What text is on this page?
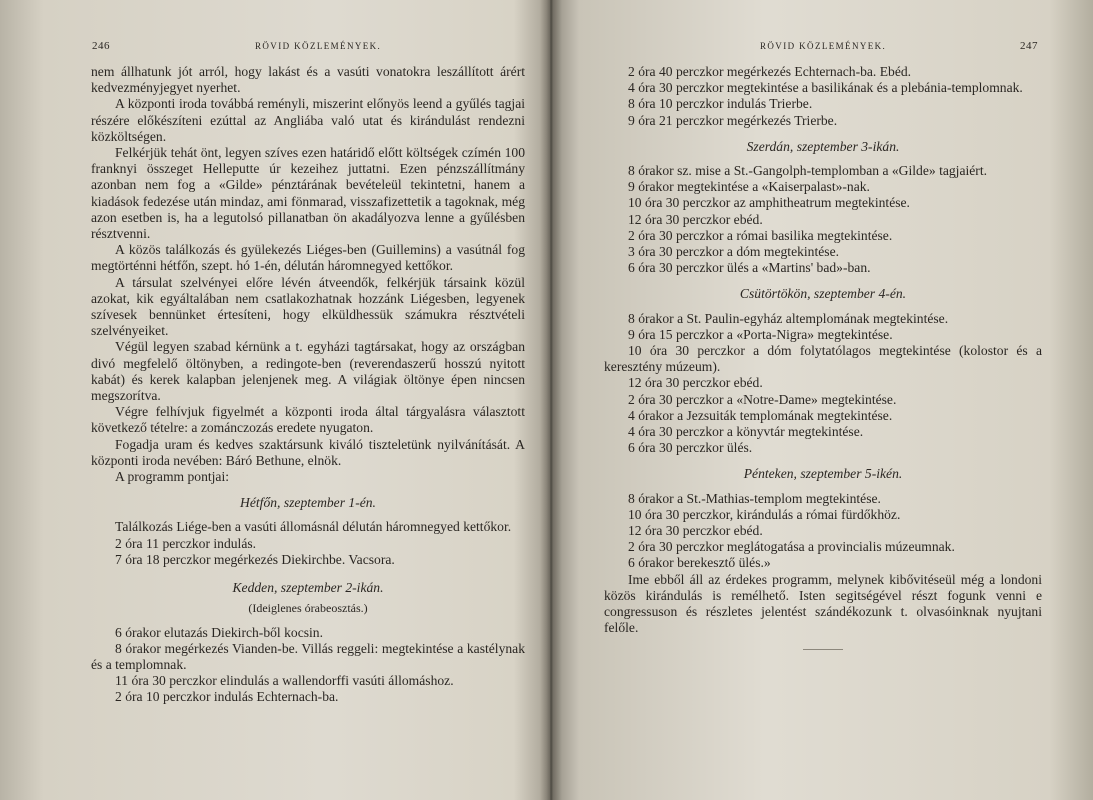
246	RÖVID KÖZLEMÉNYEK.

nem állhatunk jót arról, hogy lakást és a vasúti vonatokra leszállított árért kedvezményjegyet nyerhet.

A központi iroda továbbá reményli, miszerint előnyös leend a gyűlés tagjai részére előkészíteni ezúttal az Angliába való utat és kirándulást rendezni közköltségen.

Felkérjük tehát önt, legyen szíves ezen határidő előtt költségek czímén 100 franknyi összeget Helleputte úr kezeihez juttatni. Ezen pénzszállítmány azonban nem fog a «Gilde» pénztárának bevételeül tekintetni, hanem a kiadások fedezése után mindaz, ami fönmarad, visszafizettetik a tagoknak, még azon esetben is, ha a legutolsó pillanatban ön akadályozva lenne a gyűlésben résztvenni.

A közös találkozás és gyülekezés Liéges-ben (Guillemins) a vasútnál fog megtörténni hétfőn, szept. hó 1-én, délután háromnegyed kettőkor.

A társulat szelvényei előre lévén átveendők, felkérjük társaink közül azokat, kik egyáltalában nem csatlakozhatnak hozzánk Liégesben, legyenek szívesek bennünket értesíteni, hogy elküldhessük számukra résztvételi szelvényeiket.

Végül legyen szabad kérnünk a t. egyházi tagtársakat, hogy az országban divó megfelelő öltönyben, a redingote-ben (reverendaszerű hosszú nyitott kabát) és kerek kalapban jelenjenek meg. A világiak öltönye épen nincsen megszorítva.

Végre felhívjuk figyelmét a központi iroda által tárgyalásra választott következő tételre: a zománczozás eredete nyugaton.

Fogadja uram és kedves szaktársunk kiváló tiszteletünk nyilvánítását. A központi iroda nevében: Báró Bethune, elnök.

A programm pontjai:

Hétfőn, szeptember 1-én.

Találkozás Liége-ben a vasúti állomásnál délután háromnegyed kettőkor.

2 óra 11 perczkor indulás.

7 óra 18 perczkor megérkezés Diekirchbe. Vacsora.

Kedden, szeptember 2-ikán.

(Ideiglenes órabeosztás.)

6 órakor elutazás Diekirch-ből kocsin.

8 órakor megérkezés Vianden-be. Villás reggeli: megtekintése a kastélynak és a templomnak.

11 óra 30 perczkor elindulás a wallendorffi vasúti állomáshoz.

2 óra 10 perczkor indulás Echternach-ba.

RÖVID KÖZLEMÉNYEK.	247

2 óra 40 perczkor megérkezés Echternach-ba. Ebéd.

4 óra 30 perczkor megtekintése a basilikának és a plebánia-templomnak.

8 óra 10 perczkor indulás Trierbe.

9 óra 21 perczkor megérkezés Trierbe.

Szerdán, szeptember 3-ikán.

8 órakor sz. mise a St.-Gangolph-templomban a «Gilde» tagjaiért.

9 órakor megtekintése a «Kaiserpalast»-nak.

10 óra 30 perczkor az amphitheatrum megtekintése.

12 óra 30 perczkor ebéd.

2 óra 30 perczkor a római basilika megtekintése.

3 óra 30 perczkor a dóm megtekintése.

6 óra 30 perczkor ülés a «Martins' bad»-ban.

Csütörtökön, szeptember 4-én.

8 órakor a St. Paulin-egyház altemplomának megtekintése.

9 óra 15 perczkor a «Porta-Nigra» megtekintése.

10 óra 30 perczkor a dóm folytatólagos megtekintése (kolostor és a keresztény múzeum).

12 óra 30 perczkor ebéd.

2 óra 30 perczkor a «Notre-Dame» megtekintése.

4 órakor a Jezsuiták templomának megtekintése.

4 óra 30 perczkor a könyvtár megtekintése.

6 óra 30 perczkor ülés.

Pénteken, szeptember 5-ikén.

8 órakor a St.-Mathias-templom megtekintése.

10 óra 30 perczkor, kirándulás a római fürdőkhöz.

12 óra 30 perczkor ebéd.

2 óra 30 perczkor meglátogatása a provincialis múzeumnak.

6 órakor berekesztő ülés.»

Ime ebből áll az érdekes programm, melynek kibővitéseül még a londoni közös kirándulás is remélhető. Isten segitségével részt fogunk venni e congressuson és részletes jelentést szándékozunk t. olvasóinknak nyujtani felőle.
